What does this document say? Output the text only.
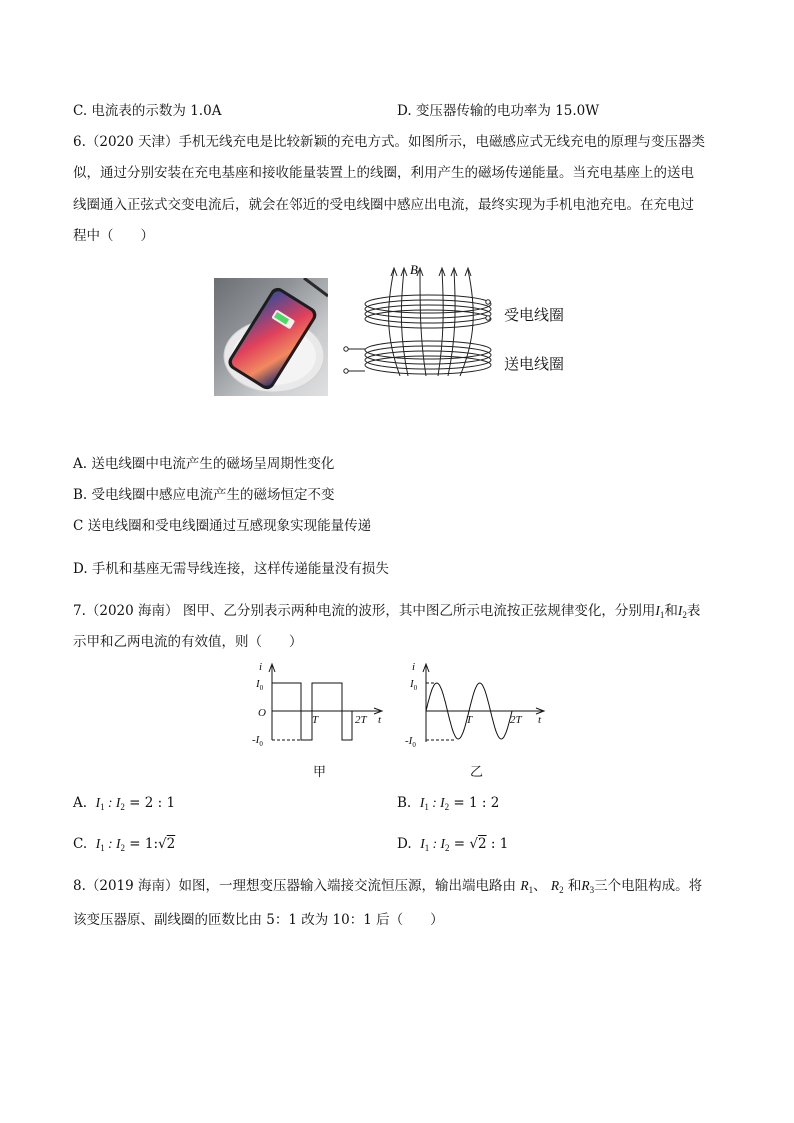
C. 电流表的示数为 1.0A	D. 变压器传输的电功率为 15.0W
6.（2020 天津）手机无线充电是比较新颖的充电方式。如图所示，电磁感应式无线充电的原理与变压器类
似，通过分别安装在充电基座和接收能量装置上的线圈，利用产生的磁场传递能量。当充电基座上的送电
线圈通入正弦式交变电流后，就会在邻近的受电线圈中感应出电流，最终实现为手机电池充电。在充电过
程中（　　）
B
受电线圈
送电线圈
A. 送电线圈中电流产生的磁场呈周期性变化
B. 受电线圈中感应电流产生的磁场恒定不变
C 送电线圈和受电线圈通过互感现象实现能量传递
D. 手机和基座无需导线连接，这样传递能量没有损失
7.（2020 海南） 图甲、乙分别表示两种电流的波形，其中图乙所示电流按正弦规律变化，分别用$I_1$和$I_2$表
示甲和乙两电流的有效值，则（　　）
i
$I_0$
O
T	2T t
$-I_0$
甲
i
$I_0$
T	2T t
$-I_0$
乙
A. $I_1$ : $I_2 = 2$ : 1	B. $I_1$ : $I_2 = 1$ : 2
C. $I_1$ : $I_2$ = 1:√2	D. $I_1$ : $I_2 = √2$ : 1
8.（2019 海南）如图，一理想变压器输入端接交流恒压源，输出端电路由 $R_1$、 $R_2$ 和$R_3$三个电阻构成。将
该变压器原、副线圈的匝数比由 5：1 改为 10：1 后（　　）
